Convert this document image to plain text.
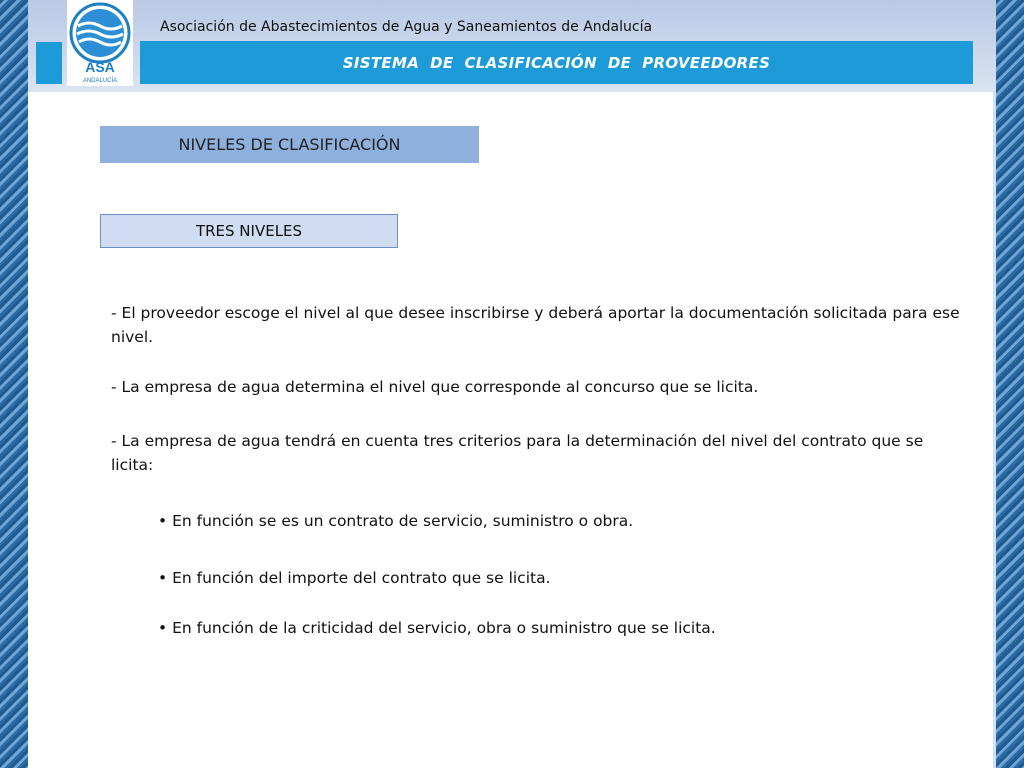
ASA
ANDALUCÍA
Asociación de Abastecimientos de Agua y Saneamientos de Andalucía
SISTEMA  DE  CLASIFICACIÓN  DE  PROVEEDORES
NIVELES DE CLASIFICACIÓN
TRES NIVELES
- El proveedor escoge el nivel al que desee inscribirse y deberá aportar la documentación solicitada para ese nivel.
- La empresa de agua determina el nivel que corresponde al concurso que se licita.
- La empresa de agua tendrá en cuenta tres criterios para la determinación del nivel del contrato que se licita:
• En función se es un contrato de servicio, suministro o obra.
• En función del importe del contrato que se licita.
• En función de la criticidad del servicio, obra o suministro que se licita.
